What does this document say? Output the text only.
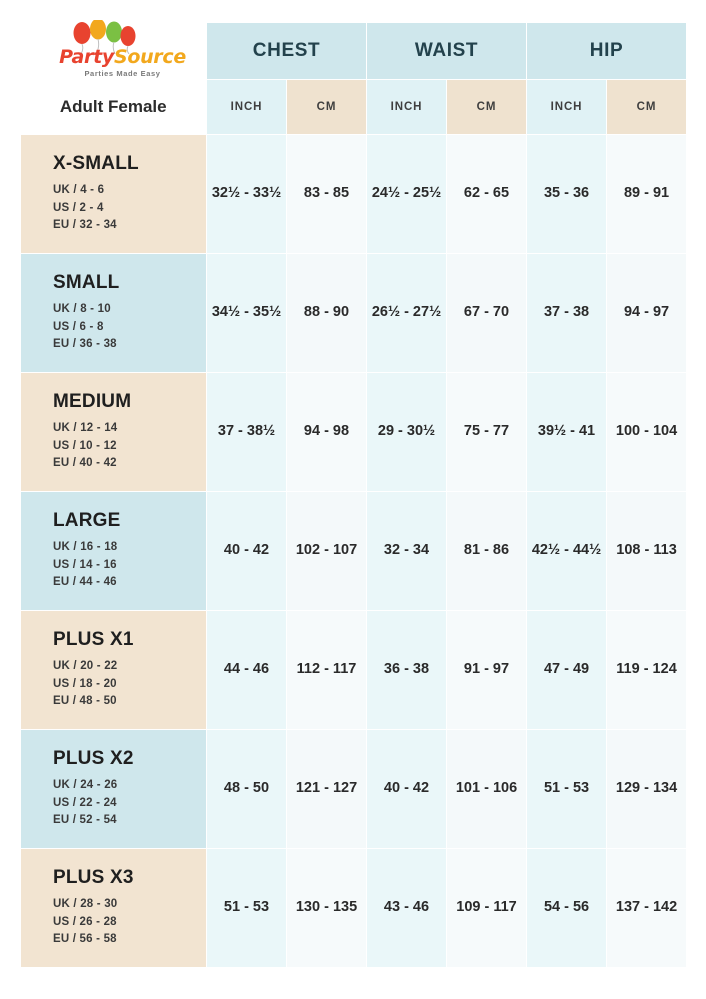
PartySource
Parties Made Easy	CHEST		WAIST		HIP	
Adult Female	INCH	CM	INCH	CM	INCH	CM

X-SMALL
UK / 4 - 6
US / 2 - 4
EU / 32 - 34	32½ - 33½	83 - 85	24½ - 25½	62 - 65	35 - 36	89 - 91

SMALL
UK / 8 - 10
US / 6 - 8
EU / 36 - 38	34½ - 35½	88 - 90	26½ - 27½	67 - 70	37 - 38	94 - 97

MEDIUM
UK / 12 - 14
US / 10 - 12
EU / 40 - 42	37 - 38½	94 - 98	29 - 30½	75 - 77	39½ - 41	100 - 104

LARGE
UK / 16 - 18
US / 14 - 16
EU / 44 - 46	40 - 42	102 - 107	32 - 34	81 - 86	42½ - 44½	108 - 113

PLUS X1
UK / 20 - 22
US / 18 - 20
EU / 48 - 50	44 - 46	112 - 117	36 - 38	91 - 97	47 - 49	119 - 124

PLUS X2
UK / 24 - 26
US / 22 - 24
EU / 52 - 54	48 - 50	121 - 127	40 - 42	101 - 106	51 - 53	129 - 134

PLUS X3
UK / 28 - 30
US / 26 - 28
EU / 56 - 58	51 - 53	130 - 135	43 - 46	109 - 117	54 - 56	137 - 142
